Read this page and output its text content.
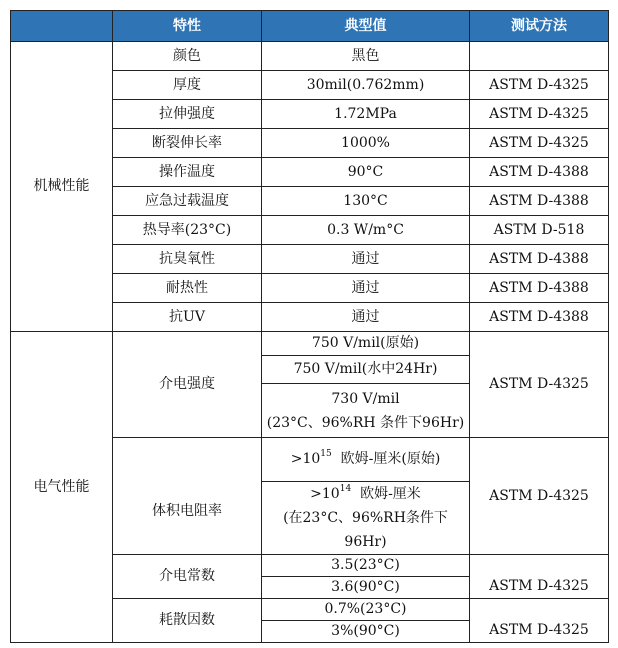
	特性	典型值	测试方法
机械性能	颜色	黑色	
	厚度	30mil(0.762mm)	ASTM D-4325
	拉伸强度	1.72MPa	ASTM D-4325
	断裂伸长率	1000%	ASTM D-4325
	操作温度	90°C	ASTM D-4388
	应急过载温度	130°C	ASTM D-4388
	热导率(23°C)	0.3 W/m°C	ASTM D-518
	抗臭氧性	通过	ASTM D-4388
	耐热性	通过	ASTM D-4388
	抗UV	通过	ASTM D-4388
电气性能	介电强度	750 V/mil(原始)	ASTM D-4325
		750 V/mil(水中24Hr)	

		730 V/mil
(23°C、96%RH 条件下96Hr)	

	体积电阻率	$>10^{15}$ 欧姆-厘米(原始)	ASTM D-4325

		$>10^{14}$ 欧姆-厘米
(在23°C、96%RH条件下96Hr)	

	介电常数	3.5(23°C)	ASTM D-4325
		3.6(90°C)	
	耗散因数	0.7%(23°C)	ASTM D-4325
		3%(90°C)	
